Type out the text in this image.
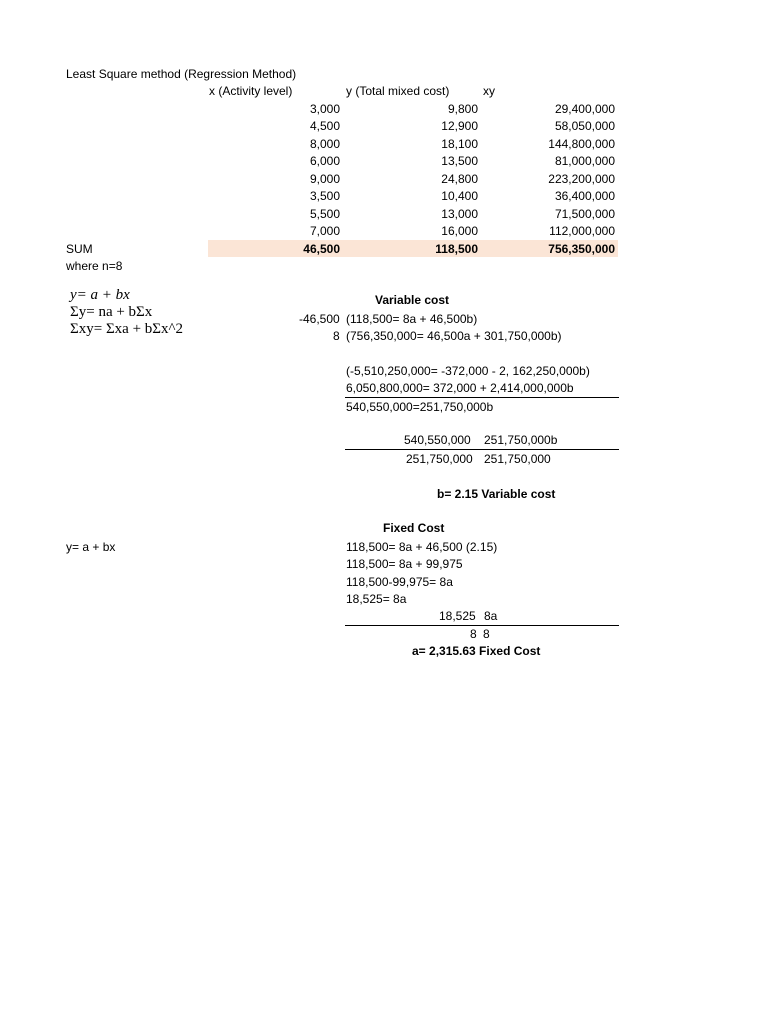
Least Square method (Regression Method)
x (Activity level)	y (Total mixed cost)	xy
3,000	9,800	29,400,000
4,500	12,900	58,050,000
8,000	18,100	144,800,000
6,000	13,500	81,000,000
9,000	24,800	223,200,000
3,500	10,400	36,400,000
5,500	13,000	71,500,000
7,000	16,000	112,000,000
SUM	46,500	118,500	756,350,000
where n=8
y= a + bx
Σy= na + bΣx
Σxy= Σxa + bΣx^2
Variable cost
-46,500 (118,500= 8a + 46,500b)
8 (756,350,000= 46,500a + 301,750,000b)
(-5,510,250,000= -372,000 - 2, 162,250,000b)
6,050,800,000= 372,000 + 2,414,000,000b
540,550,000=251,750,000b
540,550,000 251,750,000b
251,750,000 251,750,000
b= 2.15 Variable cost
Fixed Cost
y= a + bx	118,500= 8a + 46,500 (2.15)
118,500= 8a + 99,975
118,500-99,975= 8a
18,525= 8a
18,525 8a
8 8
a= 2,315.63 Fixed Cost
